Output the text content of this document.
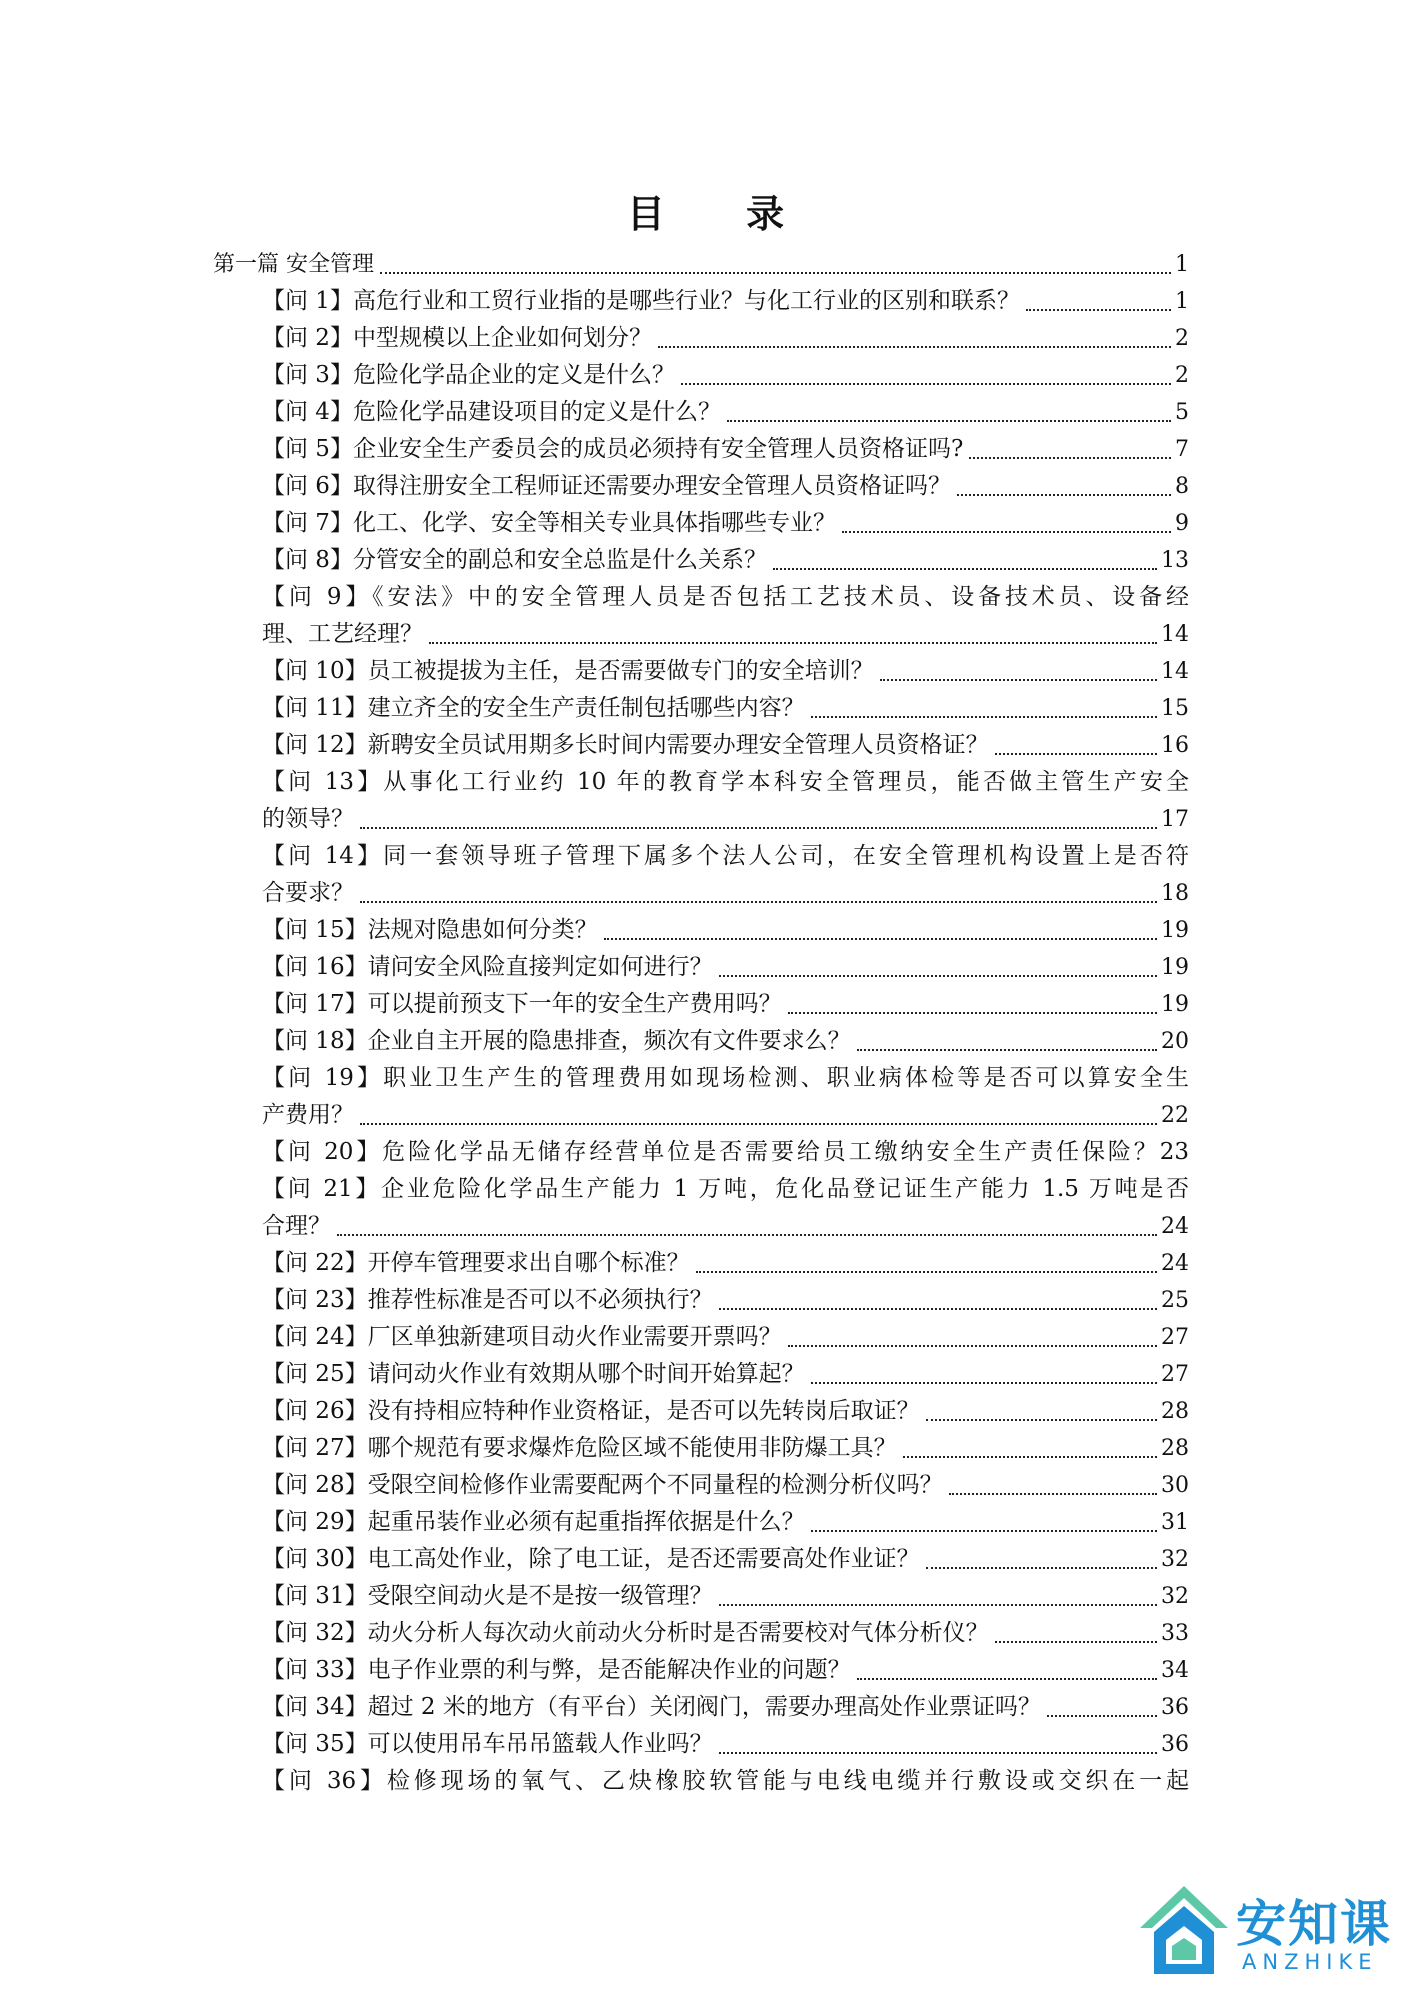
目 录
第一篇 安全管理	1
【问 1】高危行业和工贸行业指的是哪些行业？与化工行业的区别和联系？	1
【问 2】中型规模以上企业如何划分？	2
【问 3】危险化学品企业的定义是什么？	2
【问 4】危险化学品建设项目的定义是什么？	5
【问 5】企业安全生产委员会的成员必须持有安全管理人员资格证吗?	7
【问 6】取得注册安全工程师证还需要办理安全管理人员资格证吗？	8
【问 7】化工、化学、安全等相关专业具体指哪些专业？	9
【问 8】分管安全的副总和安全总监是什么关系？	13
【问 9】《安法》中的安全管理人员是否包括工艺技术员、设备技术员、设备经
理、工艺经理？	14
【问 10】员工被提拔为主任，是否需要做专门的安全培训？	14
【问 11】建立齐全的安全生产责任制包括哪些内容？	15
【问 12】新聘安全员试用期多长时间内需要办理安全管理人员资格证？	16
【问 13】从事化工行业约 10 年的教育学本科安全管理员，能否做主管生产安全
的领导？	17
【问 14】同一套领导班子管理下属多个法人公司，在安全管理机构设置上是否符
合要求？	18
【问 15】法规对隐患如何分类？	19
【问 16】请问安全风险直接判定如何进行？	19
【问 17】可以提前预支下一年的安全生产费用吗？	19
【问 18】企业自主开展的隐患排查，频次有文件要求么？	20
【问 19】职业卫生产生的管理费用如现场检测、职业病体检等是否可以算安全生
产费用？	22
【问 20】危险化学品无储存经营单位是否需要给员工缴纳安全生产责任保险？23
【问 21】企业危险化学品生产能力 1 万吨，危化品登记证生产能力 1.5 万吨是否
合理？	24
【问 22】开停车管理要求出自哪个标准？	24
【问 23】推荐性标准是否可以不必须执行？	25
【问 24】厂区单独新建项目动火作业需要开票吗？	27
【问 25】请问动火作业有效期从哪个时间开始算起？	27
【问 26】没有持相应特种作业资格证，是否可以先转岗后取证？	28
【问 27】哪个规范有要求爆炸危险区域不能使用非防爆工具？	28
【问 28】受限空间检修作业需要配两个不同量程的检测分析仪吗？	30
【问 29】起重吊装作业必须有起重指挥依据是什么？	31
【问 30】电工高处作业，除了电工证，是否还需要高处作业证？	32
【问 31】受限空间动火是不是按一级管理？	32
【问 32】动火分析人每次动火前动火分析时是否需要校对气体分析仪？	33
【问 33】电子作业票的利与弊，是否能解决作业的问题？	34
【问 34】超过 2 米的地方（有平台）关闭阀门，需要办理高处作业票证吗？	36
【问 35】可以使用吊车吊吊篮载人作业吗？	36
【问 36】检修现场的氧气、乙炔橡胶软管能与电线电缆并行敷设或交织在一起
安知课
ANZHIKE
